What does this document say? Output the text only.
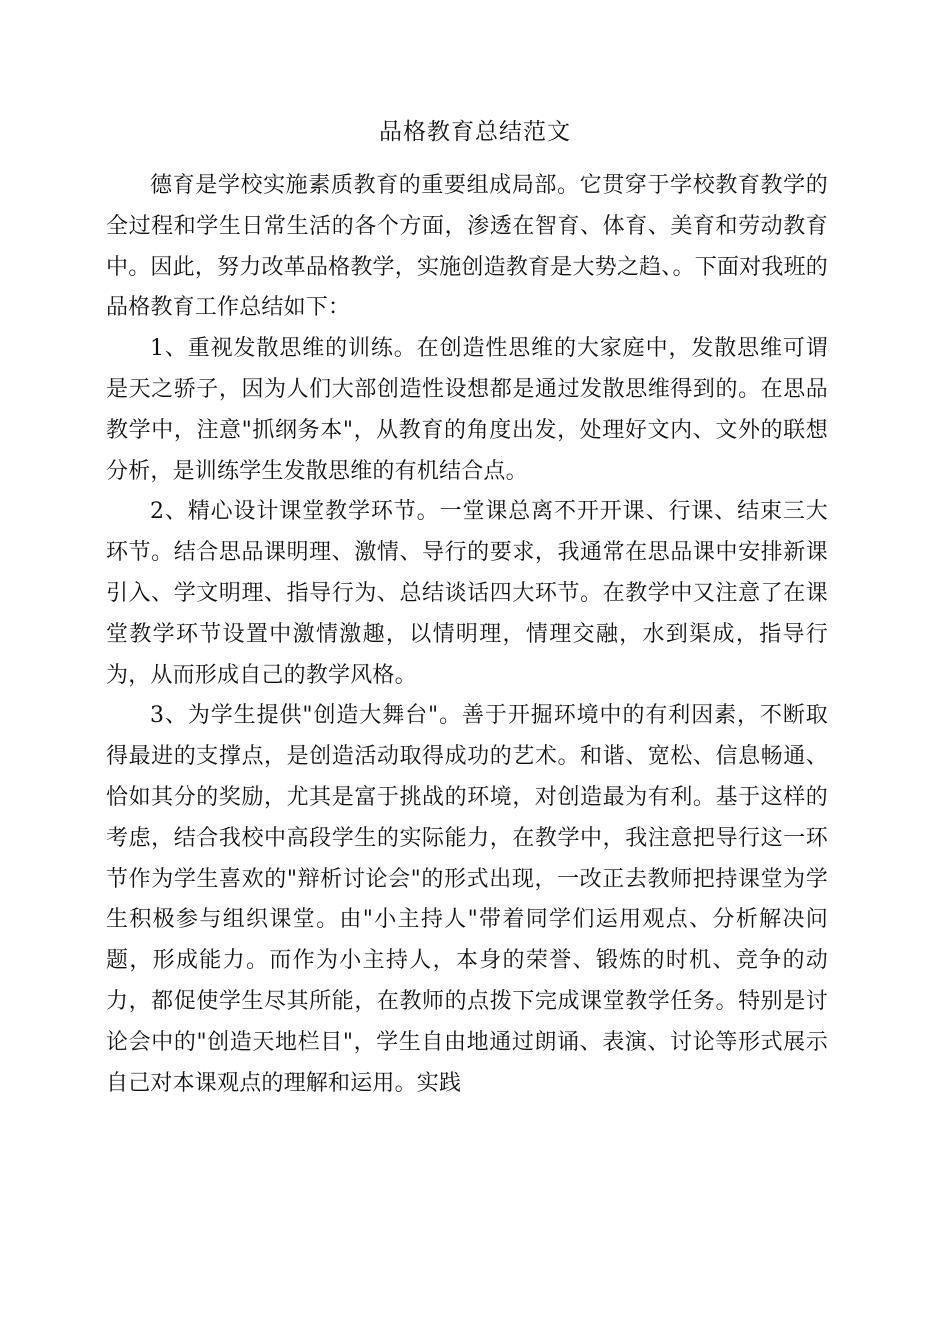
品格教育总结范文

德育是学校实施素质教育的重要组成局部。它贯穿于学校教育教学的全过程和学生日常生活的各个方面，渗透在智育、体育、美育和劳动教育中。因此，努力改革品格教学，实施创造教育是大势之趋、。下面对我班的品格教育工作总结如下：

1、重视发散思维的训练。在创造性思维的大家庭中，发散思维可谓是天之骄子，因为人们大部创造性设想都是通过发散思维得到的。在思品教学中，注意"抓纲务本"，从教育的角度出发，处理好文内、文外的联想分析，是训练学生发散思维的有机结合点。

2、精心设计课堂教学环节。一堂课总离不开开课、行课、结束三大环节。结合思品课明理、激情、导行的要求，我通常在思品课中安排新课引入、学文明理、指导行为、总结谈话四大环节。在教学中又注意了在课堂教学环节设置中激情激趣，以情明理，情理交融，水到渠成，指导行为，从而形成自己的教学风格。

3、为学生提供"创造大舞台"。善于开掘环境中的有利因素，不断取得最进的支撑点，是创造活动取得成功的艺术。和谐、宽松、信息畅通、恰如其分的奖励，尤其是富于挑战的环境，对创造最为有利。基于这样的考虑，结合我校中高段学生的实际能力，在教学中，我注意把导行这一环节作为学生喜欢的"辩析讨论会"的形式出现，一改正去教师把持课堂为学生积极参与组织课堂。由"小主持人"带着同学们运用观点、分析解决问题，形成能力。而作为小主持人，本身的荣誉、锻炼的时机、竞争的动力，都促使学生尽其所能，在教师的点拨下完成课堂教学任务。特别是讨论会中的"创造天地栏目"，学生自由地通过朗诵、表演、讨论等形式展示自己对本课观点的理解和运用。实践
